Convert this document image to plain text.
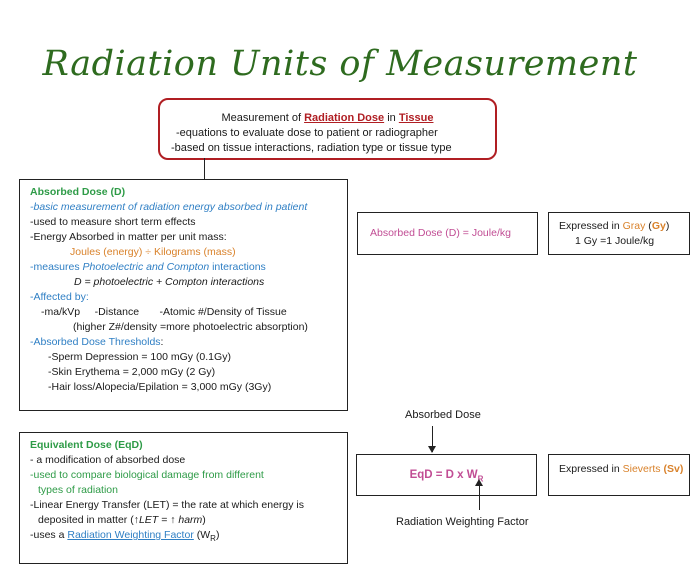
Radiation Units of Measurement
Measurement of Radiation Dose in Tissue
-equations to evaluate dose to patient or radiographer
-based on tissue interactions, radiation type or tissue type
Absorbed Dose (D)
-basic measurement of radiation energy absorbed in patient
-used to measure short term effects
-Energy Absorbed in matter per unit mass:
Joules (energy) ÷ Kilograms (mass)
-measures Photoelectric and Compton interactions
D = photoelectric + Compton interactions
-Affected by:
-ma/kVp     -Distance       -Atomic #/Density of Tissue
(higher Z#/density =more photoelectric absorption)
-Absorbed Dose Thresholds:
-Sperm Depression = 100 mGy (0.1Gy)
-Skin Erythema = 2,000 mGy (2 Gy)
-Hair loss/Alopecia/Epilation = 3,000 mGy (3Gy)
Absorbed Dose (D) = Joule/kg
Expressed in Gray (Gy)
1 Gy =1 Joule/kg
Absorbed Dose
EqD = D x $W_R$
Radiation Weighting Factor
Expressed in Sieverts (Sv)
Equivalent Dose (EqD)
- a modification of absorbed dose
-used to compare biological damage from different
types of radiation
-Linear Energy Transfer (LET) = the rate at which energy is
deposited in matter (↑LET = ↑ harm)
-uses a Radiation Weighting Factor $(W_R)$
